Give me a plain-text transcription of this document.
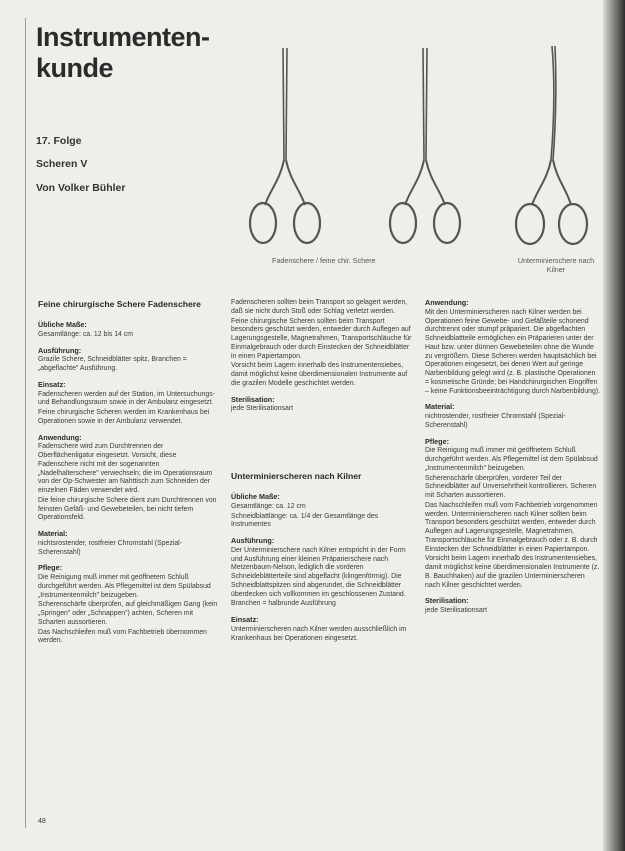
Instrumenten-
kunde
17. Folge
Scheren V
Von Volker Bühler
Fadenschere / feine chir. Schere	Unterminierschere nach Kilner
Feine chirurgische Schere Fadenschere
Übliche Maße:

Gesamtlänge: ca. 12 bis 14 cm

Ausführung:

Grazile Schere, Schneidblätter spitz, Branchen = „abgeflachte" Ausführung.

Einsatz:

Fadenscheren werden auf der Station, im Untersuchungs- und Behandlungsraum sowie in der Ambulanz eingesetzt.

Feine chirurgische Scheren werden im Krankenhaus bei Operationen sowie in der Ambulanz verwendet.

Anwendung:

Fadenschere wird zum Durchtrennen der Oberflächenligatur eingesetzt. Vorsicht, diese Fadenschere nicht mit der sogenannten „Nadelhalterschere" verwechseln; die im Operationsraum von der Op-Schwester am Nahttisch zum Schneiden der einzelnen Fäden verwendet wird.

Die feine chirurgische Schere dient zum Durchtrennen von feinsten Gefäß- und Gewebeteilen, bei nicht tiefem Operationsfeld.

Material:

nichtsrostender, rostfreier Chromstahl (Spezial-Scherenstahl)

Pflege:

Die Reinigung muß immer mit geöffnetem Schluß durchgeführt werden. Als Pflegemittel ist dem Spülabsud „Instrumentenmilch" beizugeben.

Scherenschärfe überprüfen, auf gleichmäßigen Gang (kein „Springen" oder „Schnappen") achten, Scheren mit Scharten aussortieren.

Das Nachschleifen muß vom Fachbetrieb übernommen werden.

Fadenscheren sollten beim Transport so gelagert werden, daß sie nicht durch Stoß oder Schlag verletzt werden.

Feine chirurgische Scheren sollten beim Transport besonders geschützt werden, entweder durch Auflegen auf Lagerungsgestelle, Magnetrahmen, Transportschläuche für Einmalgebrauch oder durch Einstecken der Schneidblätter in einen Papiertampon.

Vorsicht beim Lagern innerhalb des Instrumentensiebes, damit möglichst keine überdimensionalen Instrumente auf die grazilen Modelle geschichtet werden.

Sterilisation:

jede Sterilisationsart

Unterminierscheren nach Kilner
Übliche Maße:

Gesamtlänge: ca. 12 cm

Schneidblattlänge: ca. 1/4 der Gesamtlänge des Instrumentes

Ausführung:

Der Unterminierschere nach Kilner entspricht in der Form und Ausführung einer kleinen Präparierschere nach Metzenbaum-Nelson, lediglich die vorderen Schneideblätterteile sind abgeflacht (klingenförmig). Die Schneidblattspitzen sind abgerundet, die Schneidblätter überdecken sich vollkommen im geschlossenen Zustand.

Branchen = halbrunde Ausführung

Einsatz:

Unterminierscheren nach Kilner werden ausschließlich im Krankenhaus bei Operationen eingesetzt.

Anwendung:

Mit den Unterminierscheren nach Kilner werden bei Operationen feine Gewebe- und Gefäßteile schonend durchtrennt oder stumpf präpariert. Die abgeflachten Schneidblattteile ermöglichen ein Präparieren unter der Haut bzw. unter dünnen Gewebeteilen ohne die Wunde zu vergrößern. Diese Scheren werden hauptsächlich bei Operationen eingesetzt, bei denen Wert auf geringe Narbenbildung gelegt wird (z. B. plastische Operationen = kosmetische Gründe; bei Handchirurgischen Eingriffen – keine Funktionsbeeinträchtigung durch Narbenbildung).

Material:

nichtrostender, rostfreier Chromstahl (Spezial-Scherenstahl)

Pflege:

Die Reinigung muß immer mit geöffnetem Schluß durchgeführt werden. Als Pflegemittel ist dem Spülabsud „Instrumentenmilch" beizugeben.

Scherenschärfe überprüfen, vorderer Teil der Schneidblätter auf Unversehrtheit kontrollieren. Scheren mit Scharten aussortieren.

Das Nachschleifen muß vom Fachbetrieb vorgenommen werden. Unterminierscheren nach Kilner sollten beim Transport besonders geschützt werden, entweder durch Auflegen auf Lagerungsgestelle, Magnetrahmen, Transportschläuche für Einmalgebrauch oder z. B. durch Einstecken der Schneidblätter in einen Papiertampon.

Vorsicht beim Lagern innerhalb des Instrumentensiebes, damit möglichst keine überdimensionalen Instrumente (z. B. Bauchhaken) auf die grazilen Unterminierscheren nach Kilner geschichtet werden.

Sterilisation:

jede Sterilisationsart

48
